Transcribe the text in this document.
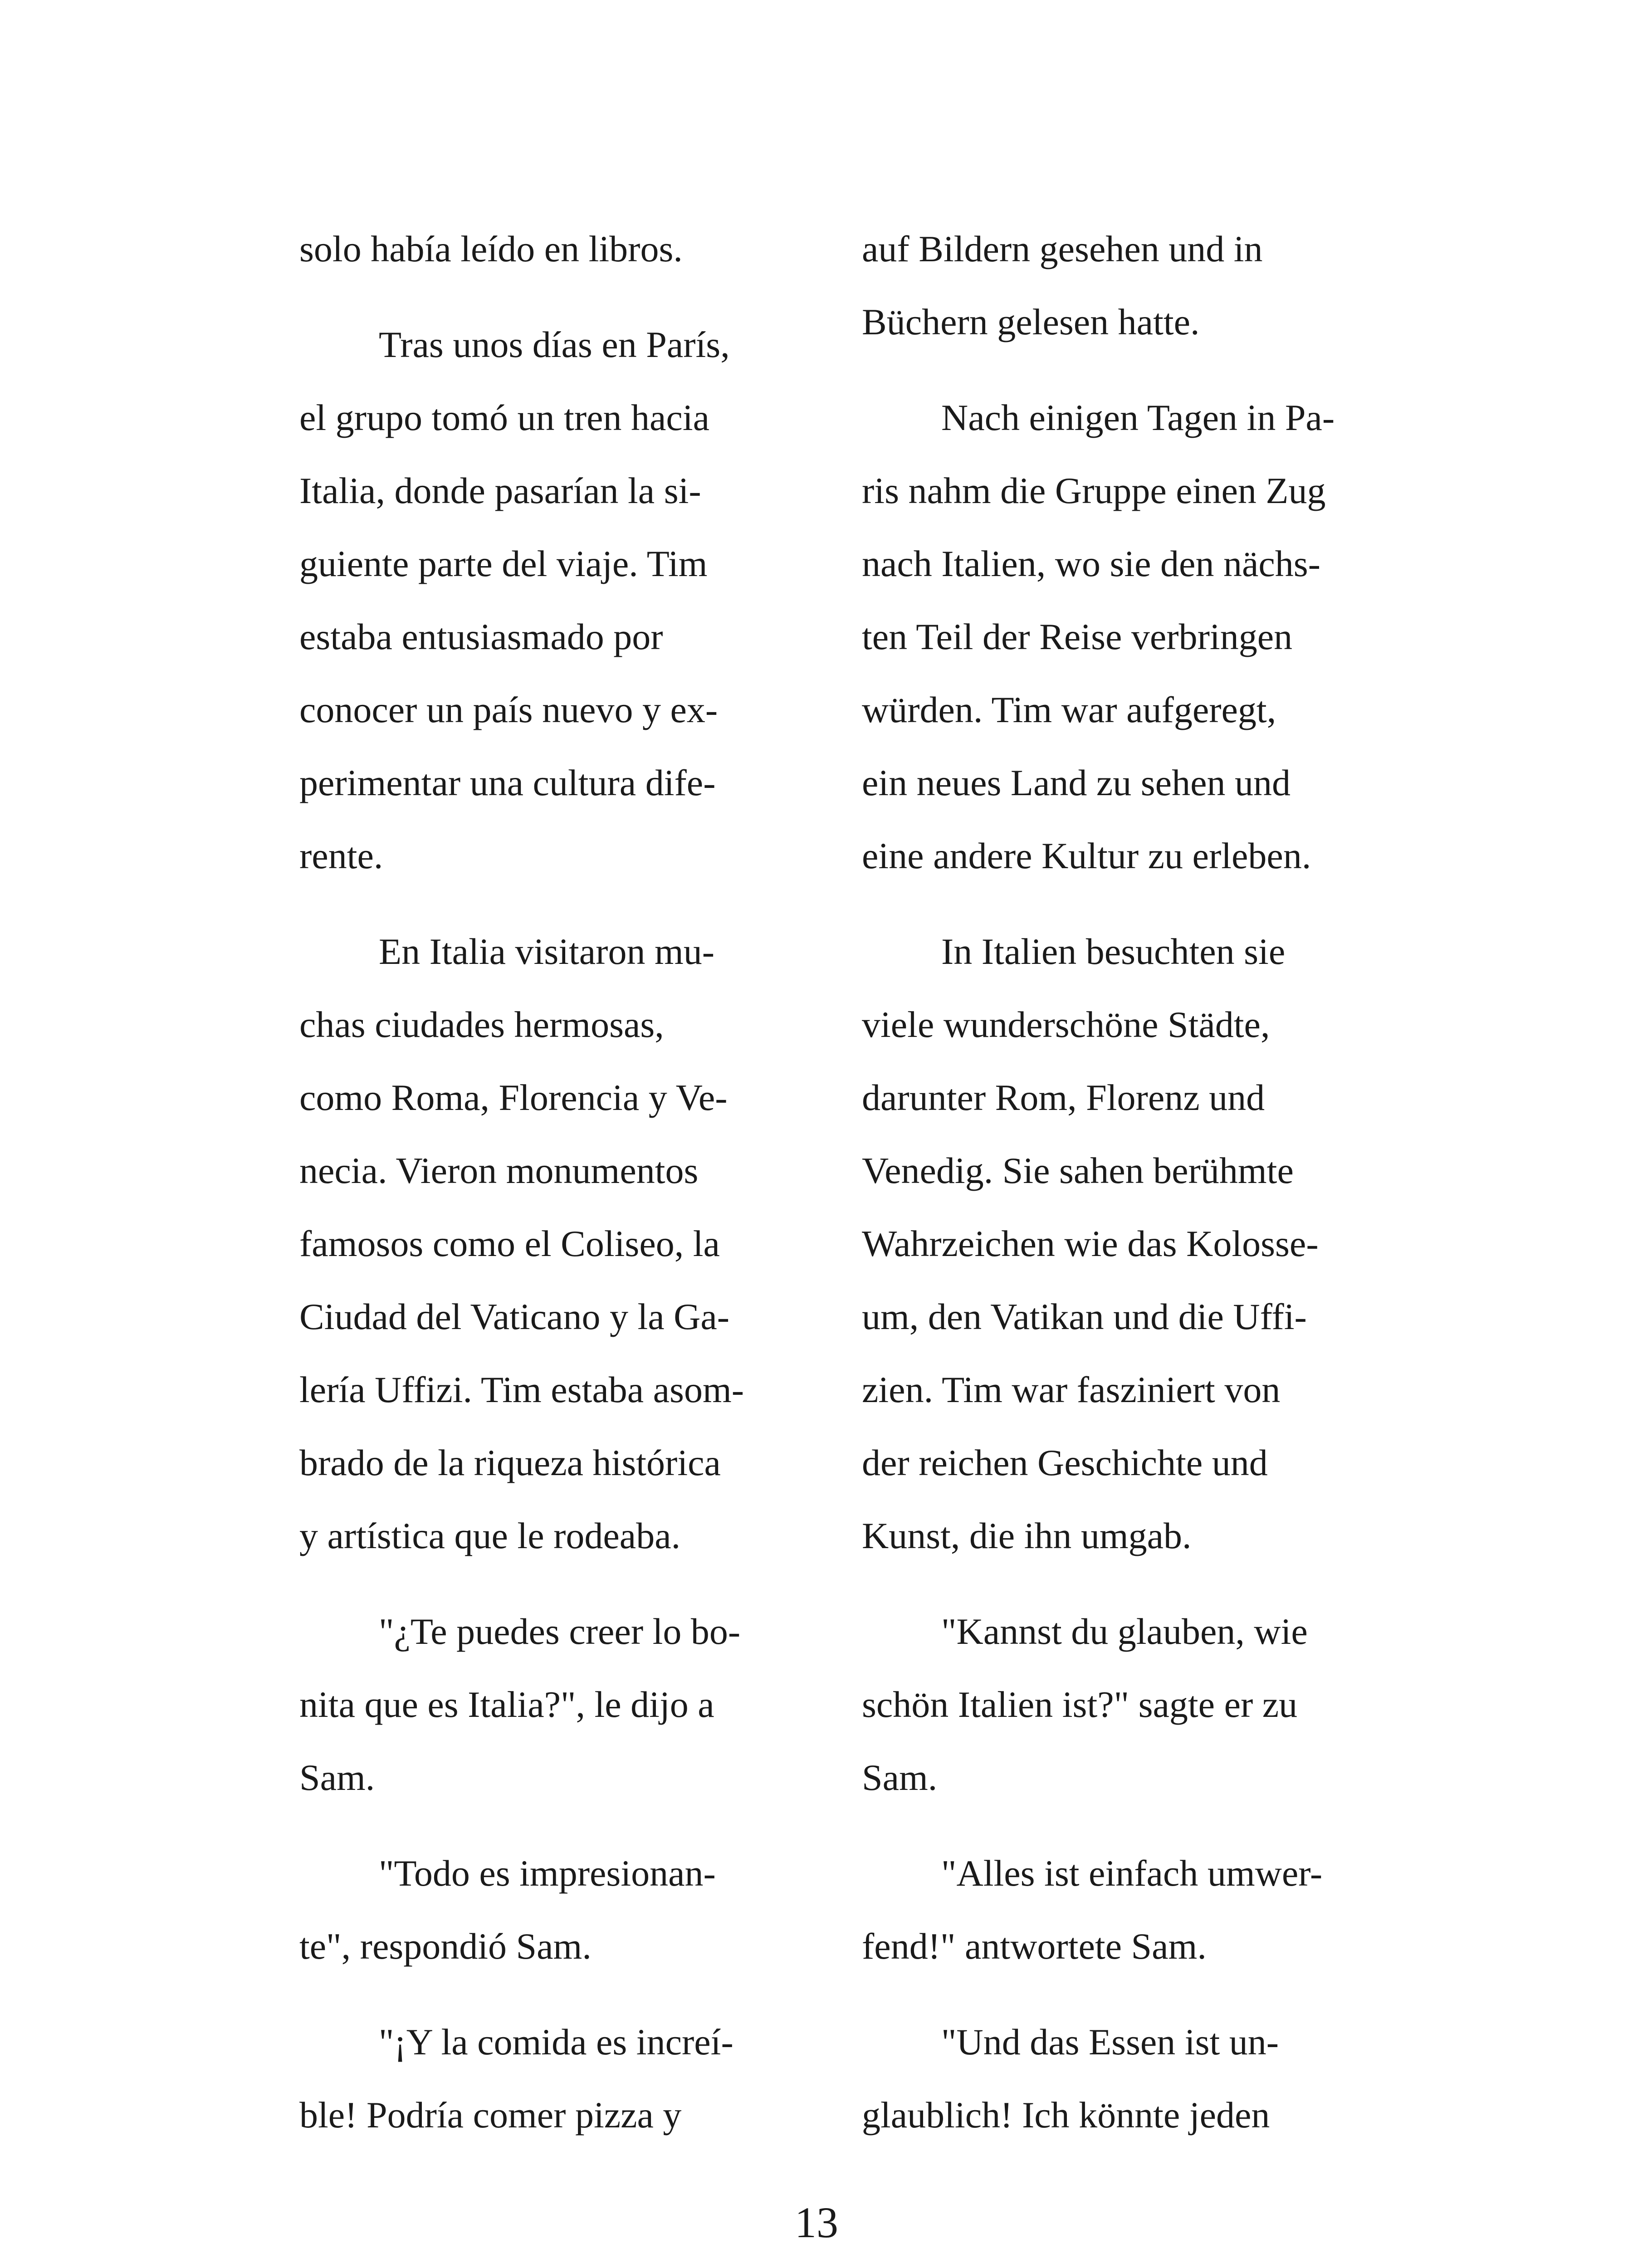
solo había leído en libros.
Tras unos días en París,
el grupo tomó un tren hacia
Italia, donde pasarían la si-
guiente parte del viaje. Tim
estaba entusiasmado por
conocer un país nuevo y ex-
perimentar una cultura dife-
rente.
En Italia visitaron mu-
chas ciudades hermosas,
como Roma, Florencia y Ve-
necia. Vieron monumentos
famosos como el Coliseo, la
Ciudad del Vaticano y la Ga-
lería Uffizi. Tim estaba asom-
brado de la riqueza histórica
y artística que le rodeaba.
"¿Te puedes creer lo bo-
nita que es Italia?", le dijo a
Sam.
"Todo es impresionan-
te", respondió Sam.
"¡Y la comida es increí-
ble! Podría comer pizza y
auf Bildern gesehen und in
Büchern gelesen hatte.
Nach einigen Tagen in Pa-
ris nahm die Gruppe einen Zug
nach Italien, wo sie den nächs-
ten Teil der Reise verbringen
würden. Tim war aufgeregt,
ein neues Land zu sehen und
eine andere Kultur zu erleben.
In Italien besuchten sie
viele wunderschöne Städte,
darunter Rom, Florenz und
Venedig. Sie sahen berühmte
Wahrzeichen wie das Kolosse-
um, den Vatikan und die Uffi-
zien. Tim war fasziniert von
der reichen Geschichte und
Kunst, die ihn umgab.
"Kannst du glauben, wie
schön Italien ist?" sagte er zu
Sam.
"Alles ist einfach umwer-
fend!" antwortete Sam.
"Und das Essen ist un-
glaublich! Ich könnte jeden
13
